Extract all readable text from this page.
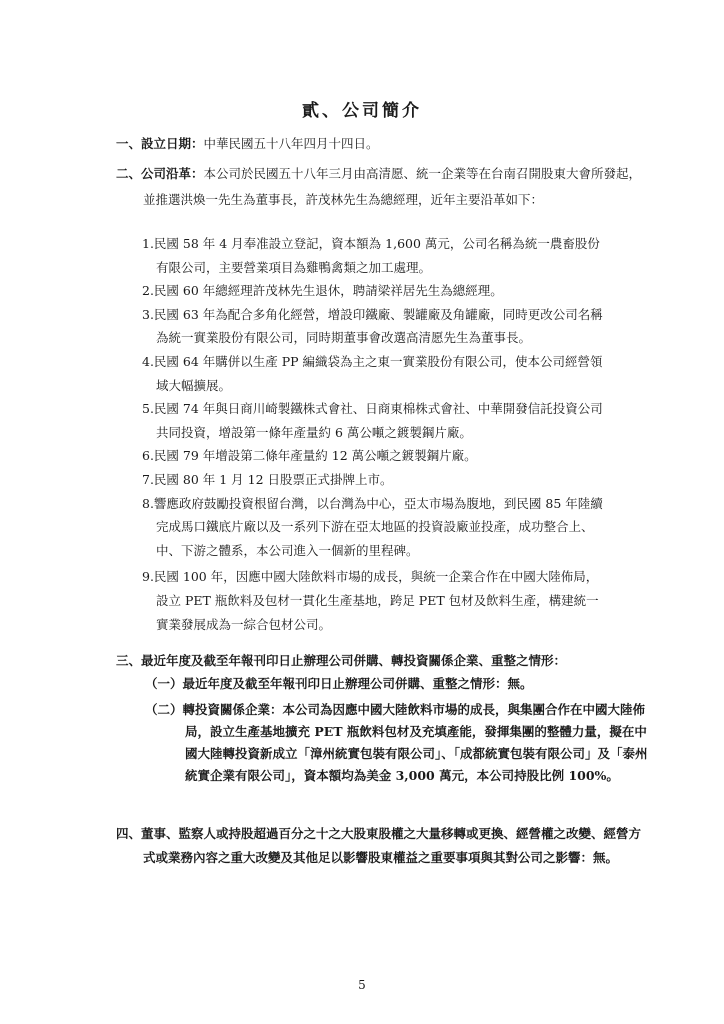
貳、公司簡介
一、設立日期：中華民國五十八年四月十四日。
二、公司沿革：本公司於民國五十八年三月由高清愿、統一企業等在台南召開股東大會所發起，並推選洪煥一先生為董事長，許茂林先生為總經理，近年主要沿革如下：
1.民國 58 年 4 月奉准設立登記，資本額為 1,600 萬元，公司名稱為統一農畜股份有限公司，主要營業項目為雞鴨禽類之加工處理。
2.民國 60 年總經理許茂林先生退休，聘請梁祥居先生為總經理。
3.民國 63 年為配合多角化經營，增設印鐵廠、製罐廠及角罐廠，同時更改公司名稱為統一實業股份有限公司，同時期董事會改選高清愿先生為董事長。
4.民國 64 年購併以生產 PP 編織袋為主之東一實業股份有限公司，使本公司經營領域大幅擴展。
5.民國 74 年與日商川崎製鐵株式會社、日商東棉株式會社、中華開發信託投資公司共同投資，增設第一條年產量約 6 萬公噸之鍍製鋼片廠。
6.民國 79 年增設第二條年產量約 12 萬公噸之鍍製鋼片廠。
7.民國 80 年 1 月 12 日股票正式掛牌上市。
8.響應政府鼓勵投資根留台灣，以台灣為中心，亞太市場為腹地，到民國 85 年陸續完成馬口鐵底片廠以及一系列下游在亞太地區的投資設廠並投產，成功整合上、中、下游之體系，本公司進入一個新的里程碑。
9.民國 100 年，因應中國大陸飲料市場的成長，與統一企業合作在中國大陸佈局，設立 PET 瓶飲料及包材一貫化生產基地，跨足 PET 包材及飲料生產，構建統一實業發展成為一綜合包材公司。
三、最近年度及截至年報刊印日止辦理公司併購、轉投資關係企業、重整之情形：
（一）最近年度及截至年報刊印日止辦理公司併購、重整之情形：無。
（二）轉投資關係企業：本公司為因應中國大陸飲料市場的成長，與集團合作在中國大陸佈局，設立生產基地擴充 PET 瓶飲料包材及充填產能，發揮集團的整體力量，擬在中國大陸轉投資新成立「漳州統實包裝有限公司」、「成都統實包裝有限公司」及「泰州統實企業有限公司」，資本額均為美金 3,000 萬元，本公司持股比例 100%。
四、董事、監察人或持股超過百分之十之大股東股權之大量移轉或更換、經營權之改變、經營方式或業務內容之重大改變及其他足以影響股東權益之重要事項與其對公司之影響：無。
5
